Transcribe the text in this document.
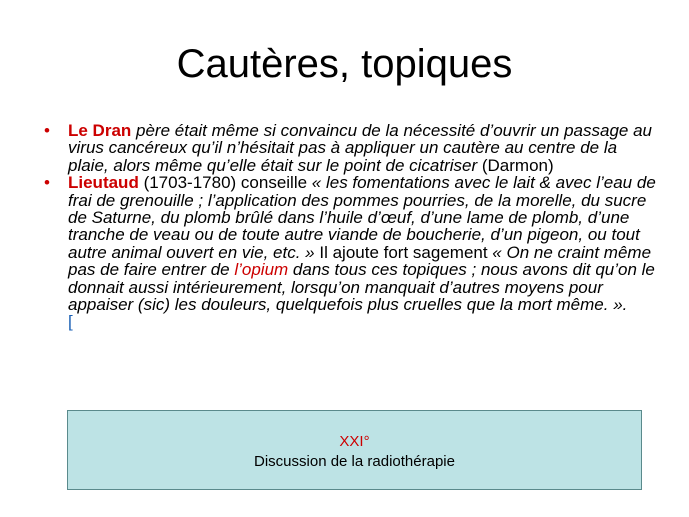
Cautères, topiques
• Le Dran père était même si convaincu de la nécessité d’ouvrir un passage au virus cancéreux qu’il n’hésitait pas à appliquer un cautère au centre de la plaie, alors même qu’elle était sur le point de cicatriser (Darmon)
• Lieutaud (1703-1780) conseille « les fomentations avec le lait & avec l’eau de frai de grenouille ; l’application des pommes pourries, de la morelle, du sucre de Saturne, du plomb brûlé dans l’huile d’œuf, d’une lame de plomb, d’une tranche de veau ou de toute autre viande de boucherie, d’un pigeon, ou tout autre animal ouvert en vie, etc. » Il ajoute fort sagement « On ne craint même pas de faire entrer de l’opium dans tous ces topiques ; nous avons dit qu’on le donnait aussi intérieurement, lorsqu’on manquait d’autres moyens pour appaiser (sic) les douleurs, quelquefois plus cruelles que la mort même. ».
[
XXI°
Discussion de la radiothérapie
